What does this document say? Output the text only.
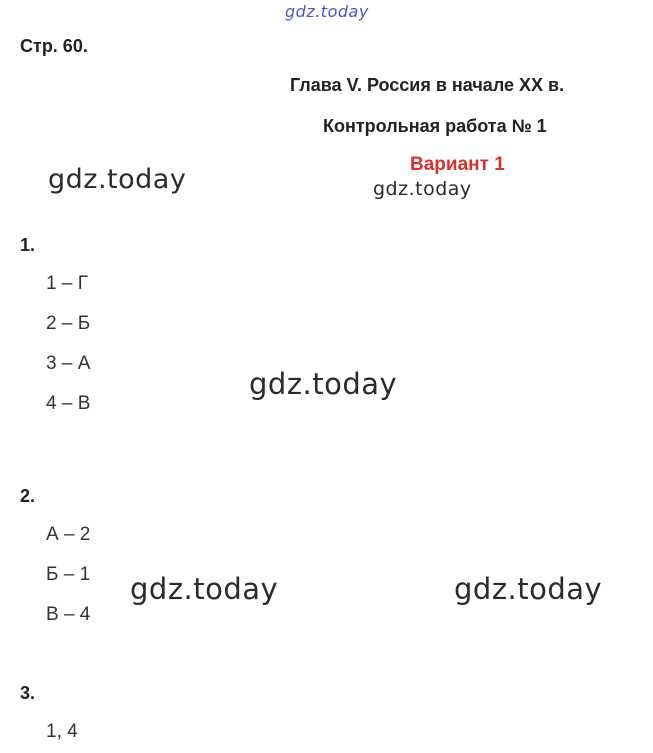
gdz.today
Стр. 60.
Глава V. Россия в начале XX в.
Контрольная работа № 1
Вариант 1
gdz.today	gdz.today
1.
1 – Г
2 – Б
3 – А
4 – В
gdz.today
2.
А – 2
Б – 1
В – 4
gdz.today	gdz.today
3.
1, 4
